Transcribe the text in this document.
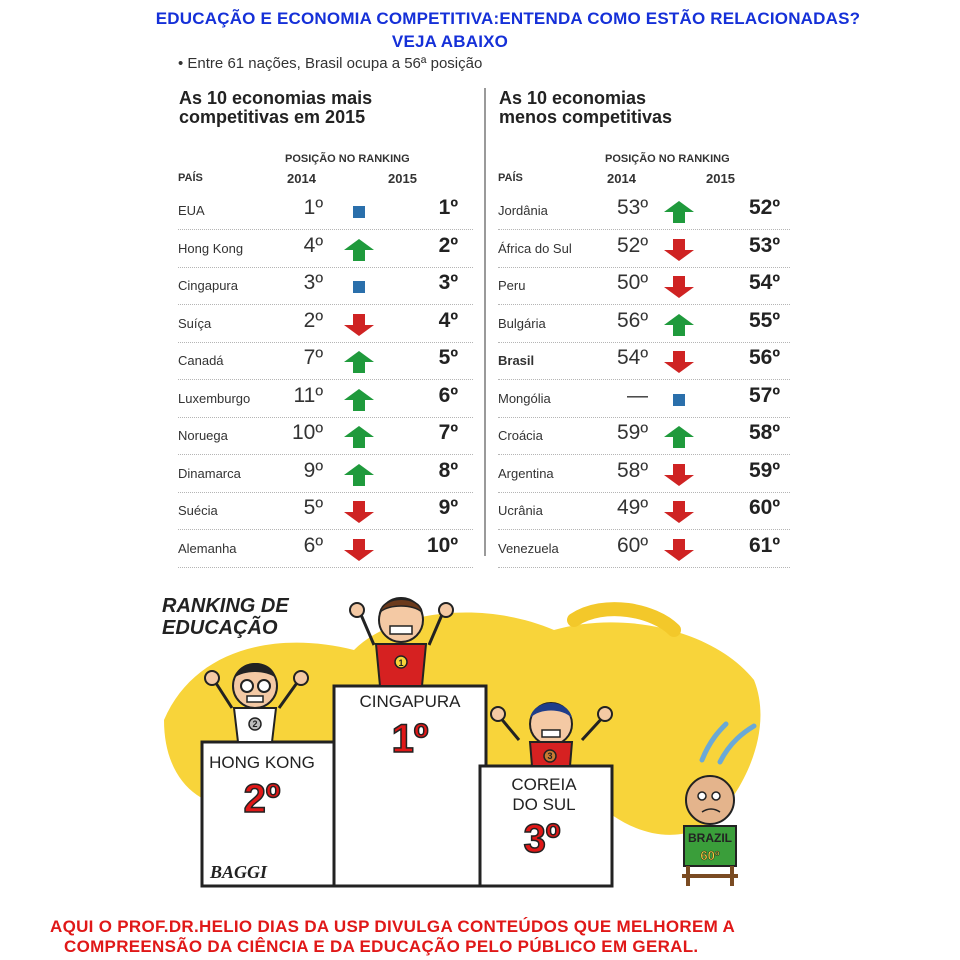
EDUCAÇÃO E ECONOMIA COMPETITIVA:ENTENDA COMO ESTÃO RELACIONADAS?
VEJA ABAIXO
• Entre 61 nações, Brasil ocupa a 56ª posição
As 10 economias mais
competitivas em 2015
As 10 economias
menos competitivas
POSIÇÃO NO RANKING
PAÍS	2014	2015
POSIÇÃO NO RANKING
PAÍS	2014	2015
EUA	1º	1º
Hong Kong	4º	2º
Cingapura	3º	3º
Suíça	2º	4º
Canadá	7º	5º
Luxemburgo	11º	6º
Noruega	10º	7º
Dinamarca	9º	8º
Suécia	5º	9º
Alemanha	6º	10º
Jordânia	53º	52º
África do Sul	52º	53º
Peru	50º	54º
Bulgária	56º	55º
Brasil	54º	56º
Mongólia	—	57º
Croácia	59º	58º
Argentina	58º	59º
Ucrânia	49º	60º
Venezuela	60º	61º
RANKING DE
EDUCAÇÃO
CINGAPURA
1º
HONG KONG
2º	COREIA
DO SUL
3º
BAGGI
1
2
3
BRAZIL
60º
AQUI O PROF.DR.HELIO DIAS DA USP DIVULGA CONTEÚDOS QUE MELHOREM A
COMPREENSÃO DA CIÊNCIA E DA EDUCAÇÃO PELO PÚBLICO EM GERAL.
